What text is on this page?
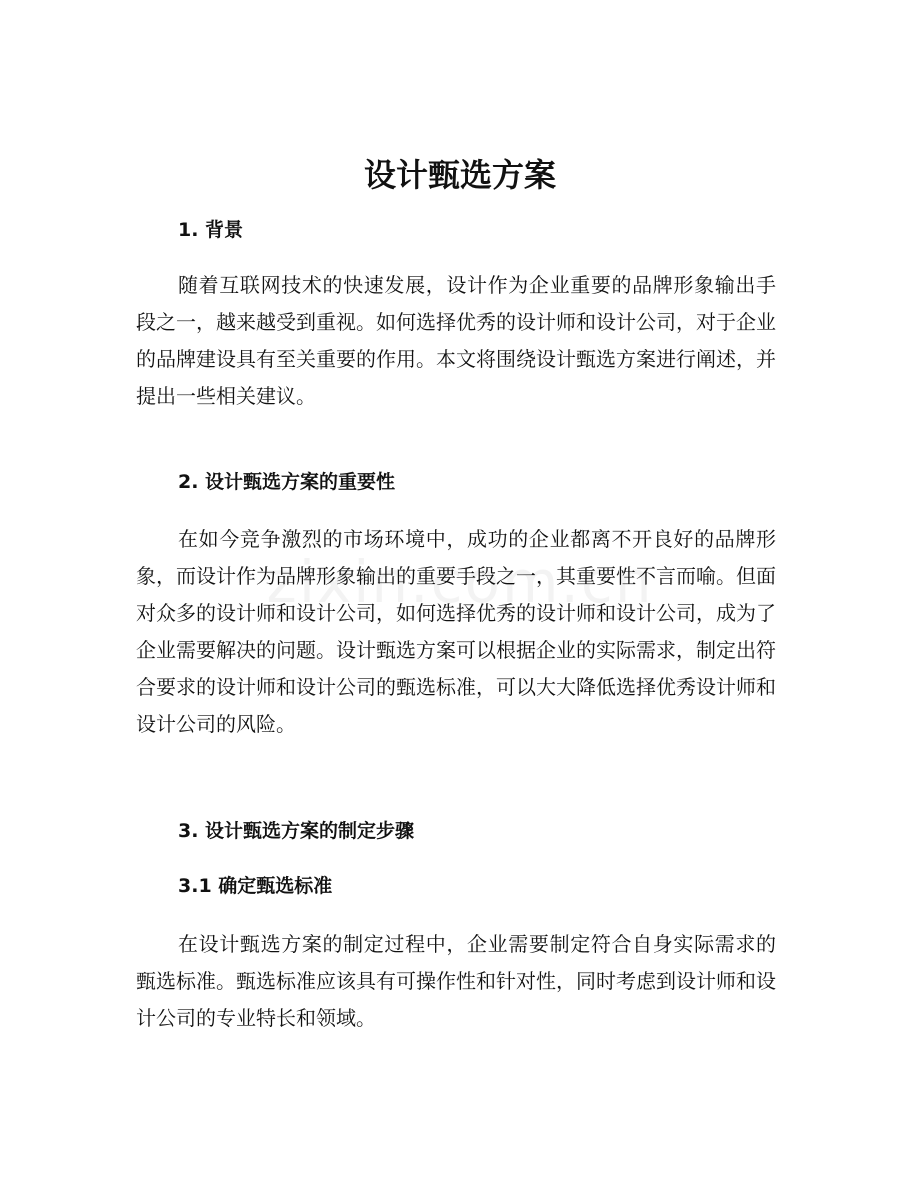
设计甄选方案
1. 背景

随着互联网技术的快速发展，设计作为企业重要的品牌形象输出手段之一，越来越受到重视。如何选择优秀的设计师和设计公司，对于企业的品牌建设具有至关重要的作用。本文将围绕设计甄选方案进行阐述，并提出一些相关建议。

2. 设计甄选方案的重要性

在如今竞争激烈的市场环境中，成功的企业都离不开良好的品牌形象，而设计作为品牌形象输出的重要手段之一，其重要性不言而喻。但面对众多的设计师和设计公司，如何选择优秀的设计师和设计公司，成为了企业需要解决的问题。设计甄选方案可以根据企业的实际需求，制定出符合要求的设计师和设计公司的甄选标准，可以大大降低选择优秀设计师和设计公司的风险。

3. 设计甄选方案的制定步骤
3.1 确定甄选标准

在设计甄选方案的制定过程中，企业需要制定符合自身实际需求的甄选标准。甄选标准应该具有可操作性和针对性，同时考虑到设计师和设计公司的专业特长和领域。
